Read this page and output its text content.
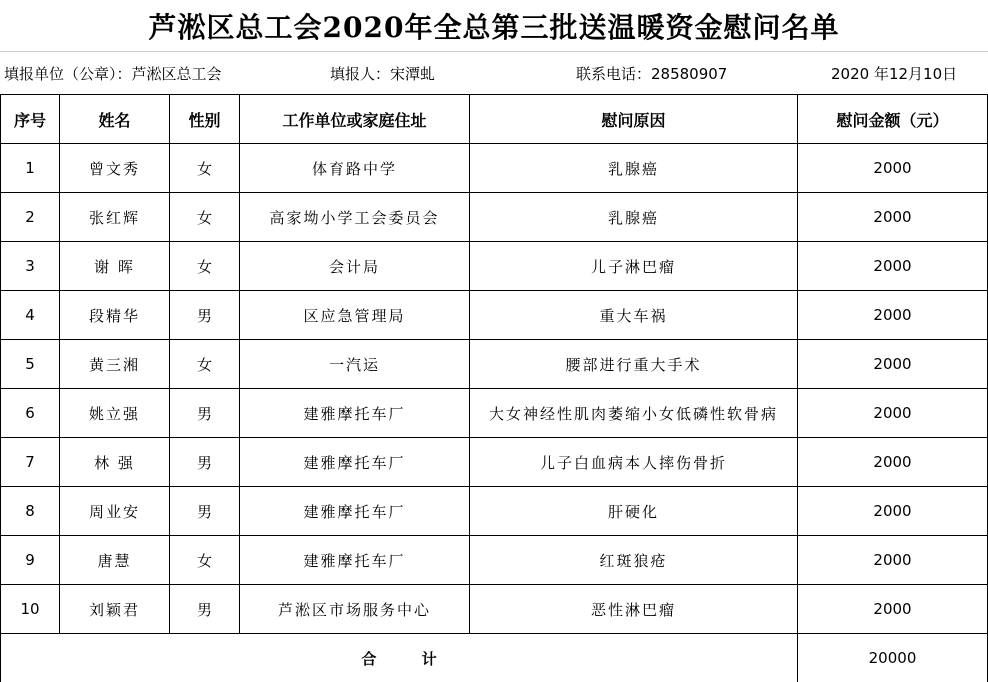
芦淞区总工会2020年全总第三批送温暖资金慰问名单
填报单位（公章）：芦淞区总工会	填报人：宋潭虬	联系电话：28580907	2020 年12月10日
序号	姓名	性别	工作单位或家庭住址	慰问原因	慰问金额（元）
1	曾文秀	女	体育路中学	乳腺癌	2000
2	张红辉	女	高家坳小学工会委员会	乳腺癌	2000
3	谢 晖	女	会计局	儿子淋巴瘤	2000
4	段精华	男	区应急管理局	重大车祸	2000
5	黄三湘	女	一汽运	腰部进行重大手术	2000
6	姚立强	男	建雅摩托车厂	大女神经性肌肉萎缩小女低磷性软骨病	2000
7	林 强	男	建雅摩托车厂	儿子白血病本人摔伤骨折	2000
8	周业安	男	建雅摩托车厂	肝硬化	2000
9	唐慧	女	建雅摩托车厂	红斑狼疮	2000
10	刘颖君	男	芦淞区市场服务中心	恶性淋巴瘤	2000
合 计					20000
